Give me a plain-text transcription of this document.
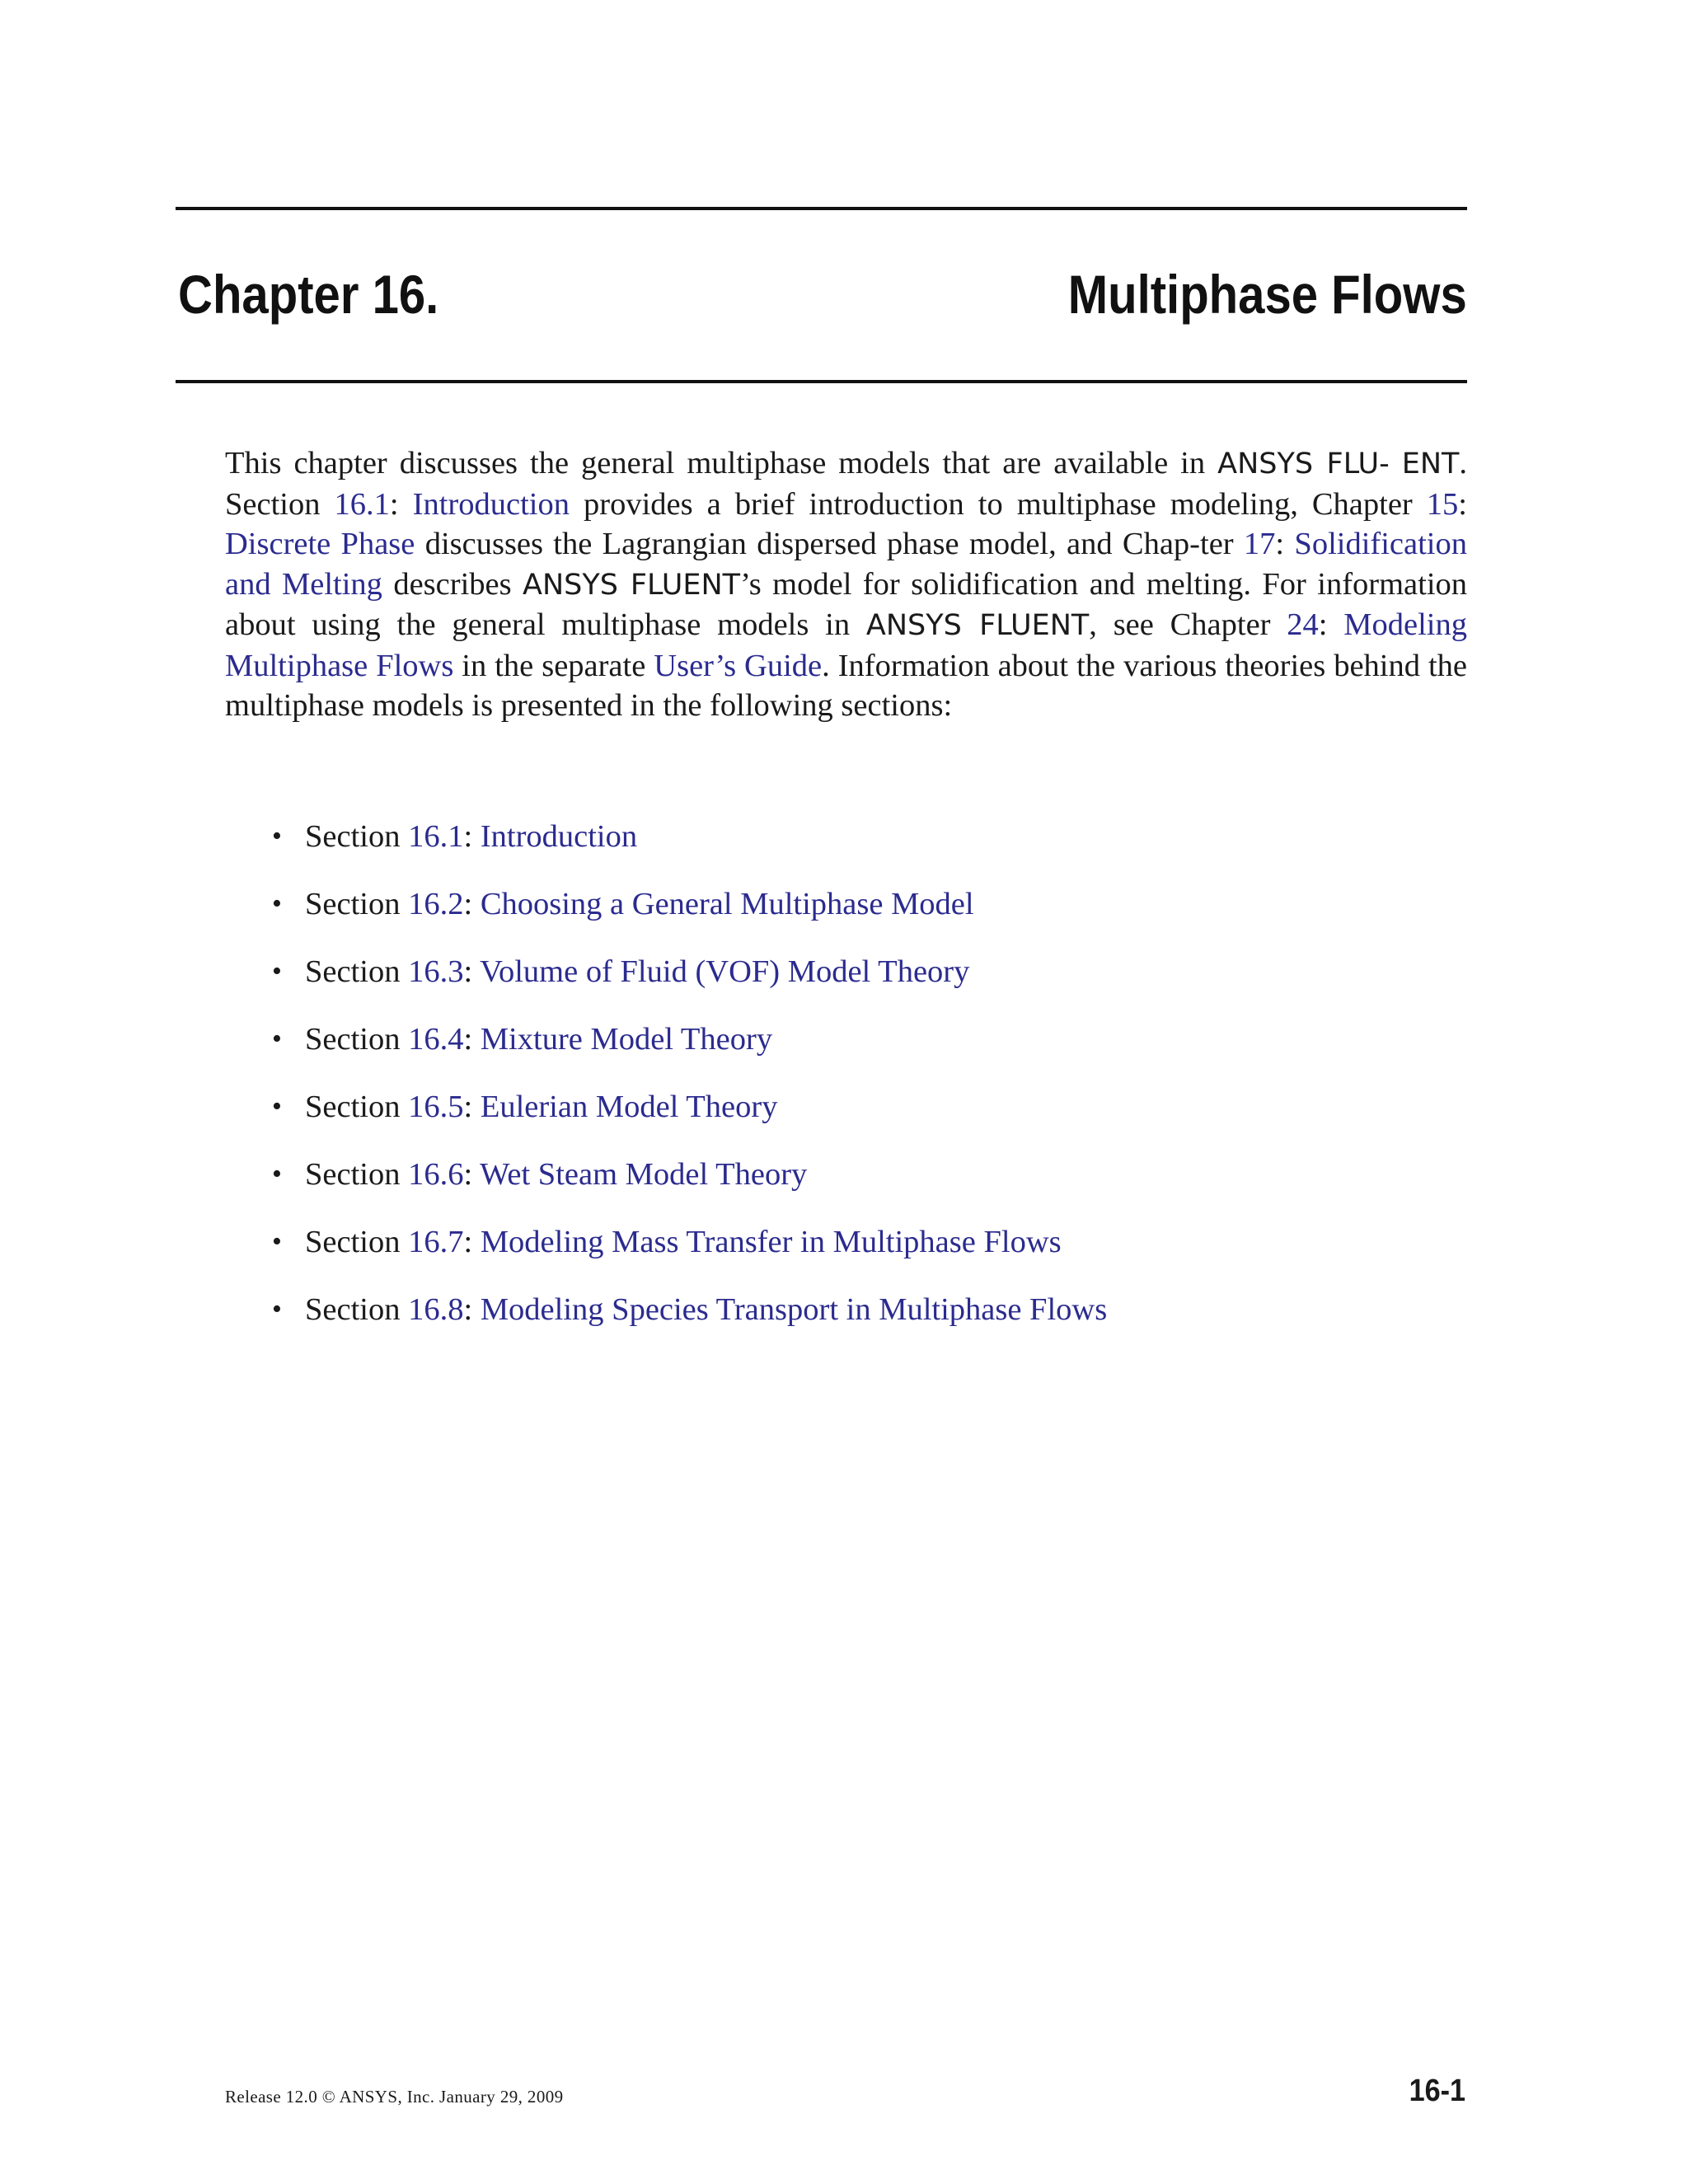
Chapter 16.	Multiphase Flows

This chapter discusses the general multiphase models that are available in ANSYS FLU- ENT. Section 16.1: Introduction provides a brief introduction to multiphase modeling, Chapter 15: Discrete Phase discusses the Lagrangian dispersed phase model, and Chap-ter 17: Solidification and Melting describes ANSYS FLUENT’s model for solidification and melting. For information about using the general multiphase models in ANSYS FLUENT, see Chapter 24: Modeling Multiphase Flows in the separate User’s Guide. Information about the various theories behind the multiphase models is presented in the following sections:

• Section 16.1: Introduction
• Section 16.2: Choosing a General Multiphase Model
• Section 16.3: Volume of Fluid (VOF) Model Theory
• Section 16.4: Mixture Model Theory
• Section 16.5: Eulerian Model Theory
• Section 16.6: Wet Steam Model Theory
• Section 16.7: Modeling Mass Transfer in Multiphase Flows
• Section 16.8: Modeling Species Transport in Multiphase Flows
Release 12.0 © ANSYS, Inc. January 29, 2009	16-1
